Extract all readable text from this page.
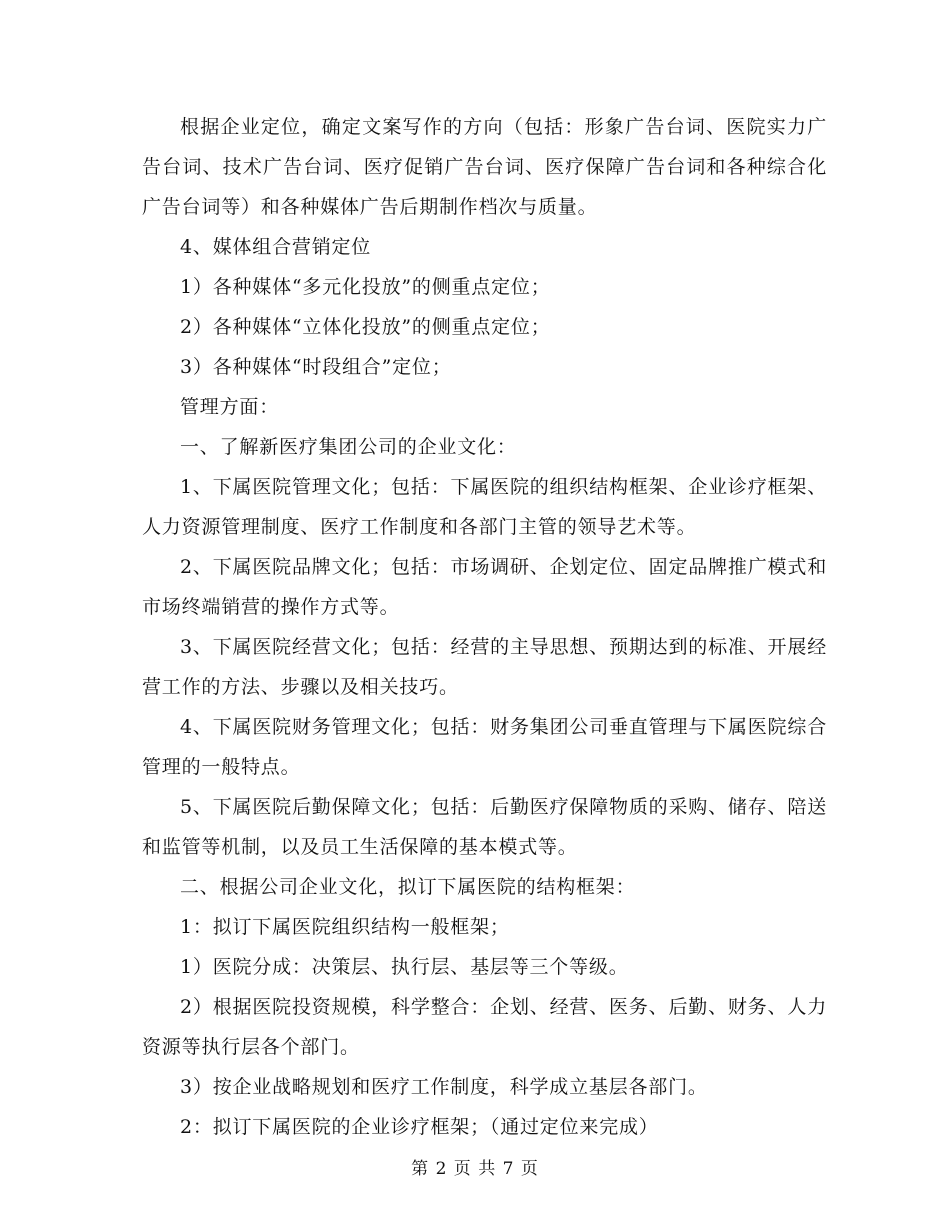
根据企业定位，确定文案写作的方向（包括：形象广告台词、医院实力广告台词、技术广告台词、医疗促销广告台词、医疗保障广告台词和各种综合化广告台词等）和各种媒体广告后期制作档次与质量。

4、媒体组合营销定位

1）各种媒体“多元化投放”的侧重点定位；

2）各种媒体“立体化投放”的侧重点定位；

3）各种媒体“时段组合”定位；

管理方面：

一、了解新医疗集团公司的企业文化：

1、下属医院管理文化；包括：下属医院的组织结构框架、企业诊疗框架、人力资源管理制度、医疗工作制度和各部门主管的领导艺术等。

2、下属医院品牌文化；包括：市场调研、企划定位、固定品牌推广模式和市场终端销营的操作方式等。

3、下属医院经营文化；包括：经营的主导思想、预期达到的标准、开展经营工作的方法、步骤以及相关技巧。

4、下属医院财务管理文化；包括：财务集团公司垂直管理与下属医院综合管理的一般特点。

5、下属医院后勤保障文化；包括：后勤医疗保障物质的采购、储存、陪送和监管等机制，以及员工生活保障的基本模式等。

二、根据公司企业文化，拟订下属医院的结构框架：

1：拟订下属医院组织结构一般框架；

1）医院分成：决策层、执行层、基层等三个等级。

2）根据医院投资规模，科学整合：企划、经营、医务、后勤、财务、人力资源等执行层各个部门。

3）按企业战略规划和医疗工作制度，科学成立基层各部门。

2：拟订下属医院的企业诊疗框架；（通过定位来完成）

第 2 页 共 7 页
